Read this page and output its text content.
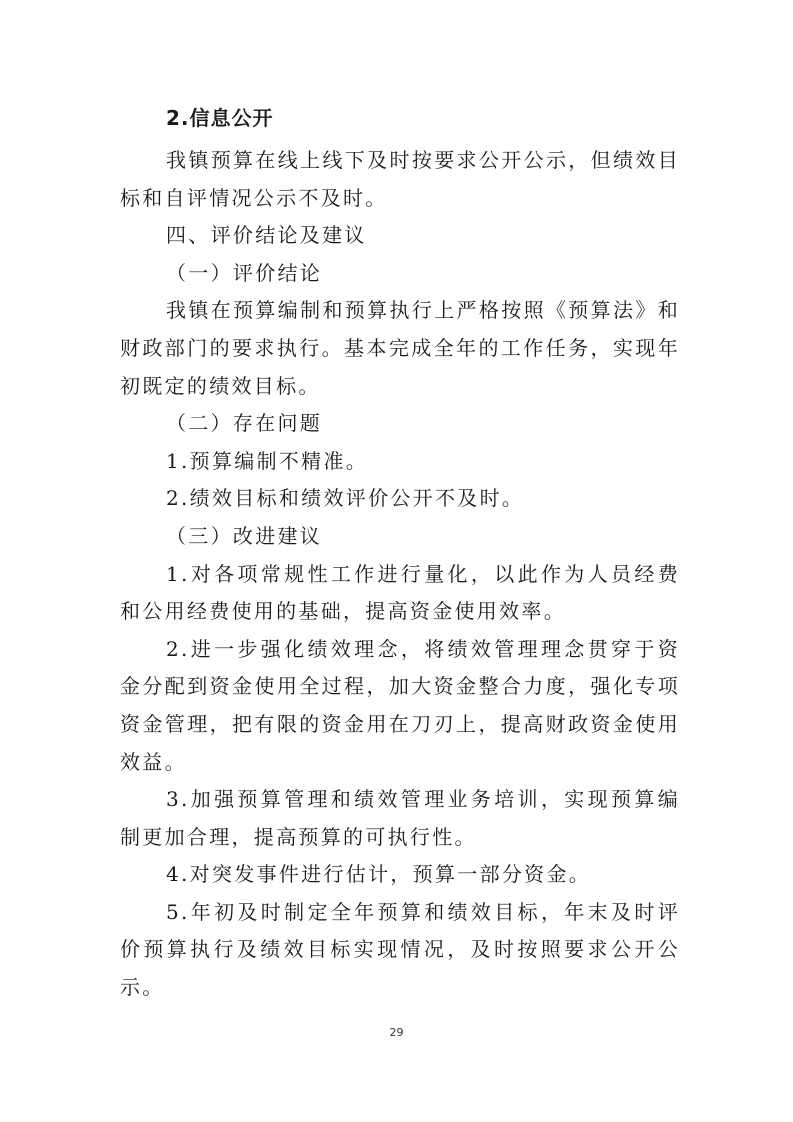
2.信息公开

我镇预算在线上线下及时按要求公开公示，但绩效目标和自评情况公示不及时。

四、评价结论及建议

（一）评价结论

我镇在预算编制和预算执行上严格按照《预算法》和财政部门的要求执行。基本完成全年的工作任务，实现年初既定的绩效目标。

（二）存在问题

1.预算编制不精准。

2.绩效目标和绩效评价公开不及时。

（三）改进建议

1.对各项常规性工作进行量化，以此作为人员经费和公用经费使用的基础，提高资金使用效率。

2.进一步强化绩效理念，将绩效管理理念贯穿于资金分配到资金使用全过程，加大资金整合力度，强化专项资金管理，把有限的资金用在刀刃上，提高财政资金使用效益。

3.加强预算管理和绩效管理业务培训，实现预算编制更加合理，提高预算的可执行性。

4.对突发事件进行估计，预算一部分资金。

5.年初及时制定全年预算和绩效目标，年末及时评价预算执行及绩效目标实现情况，及时按照要求公开公示。

29
